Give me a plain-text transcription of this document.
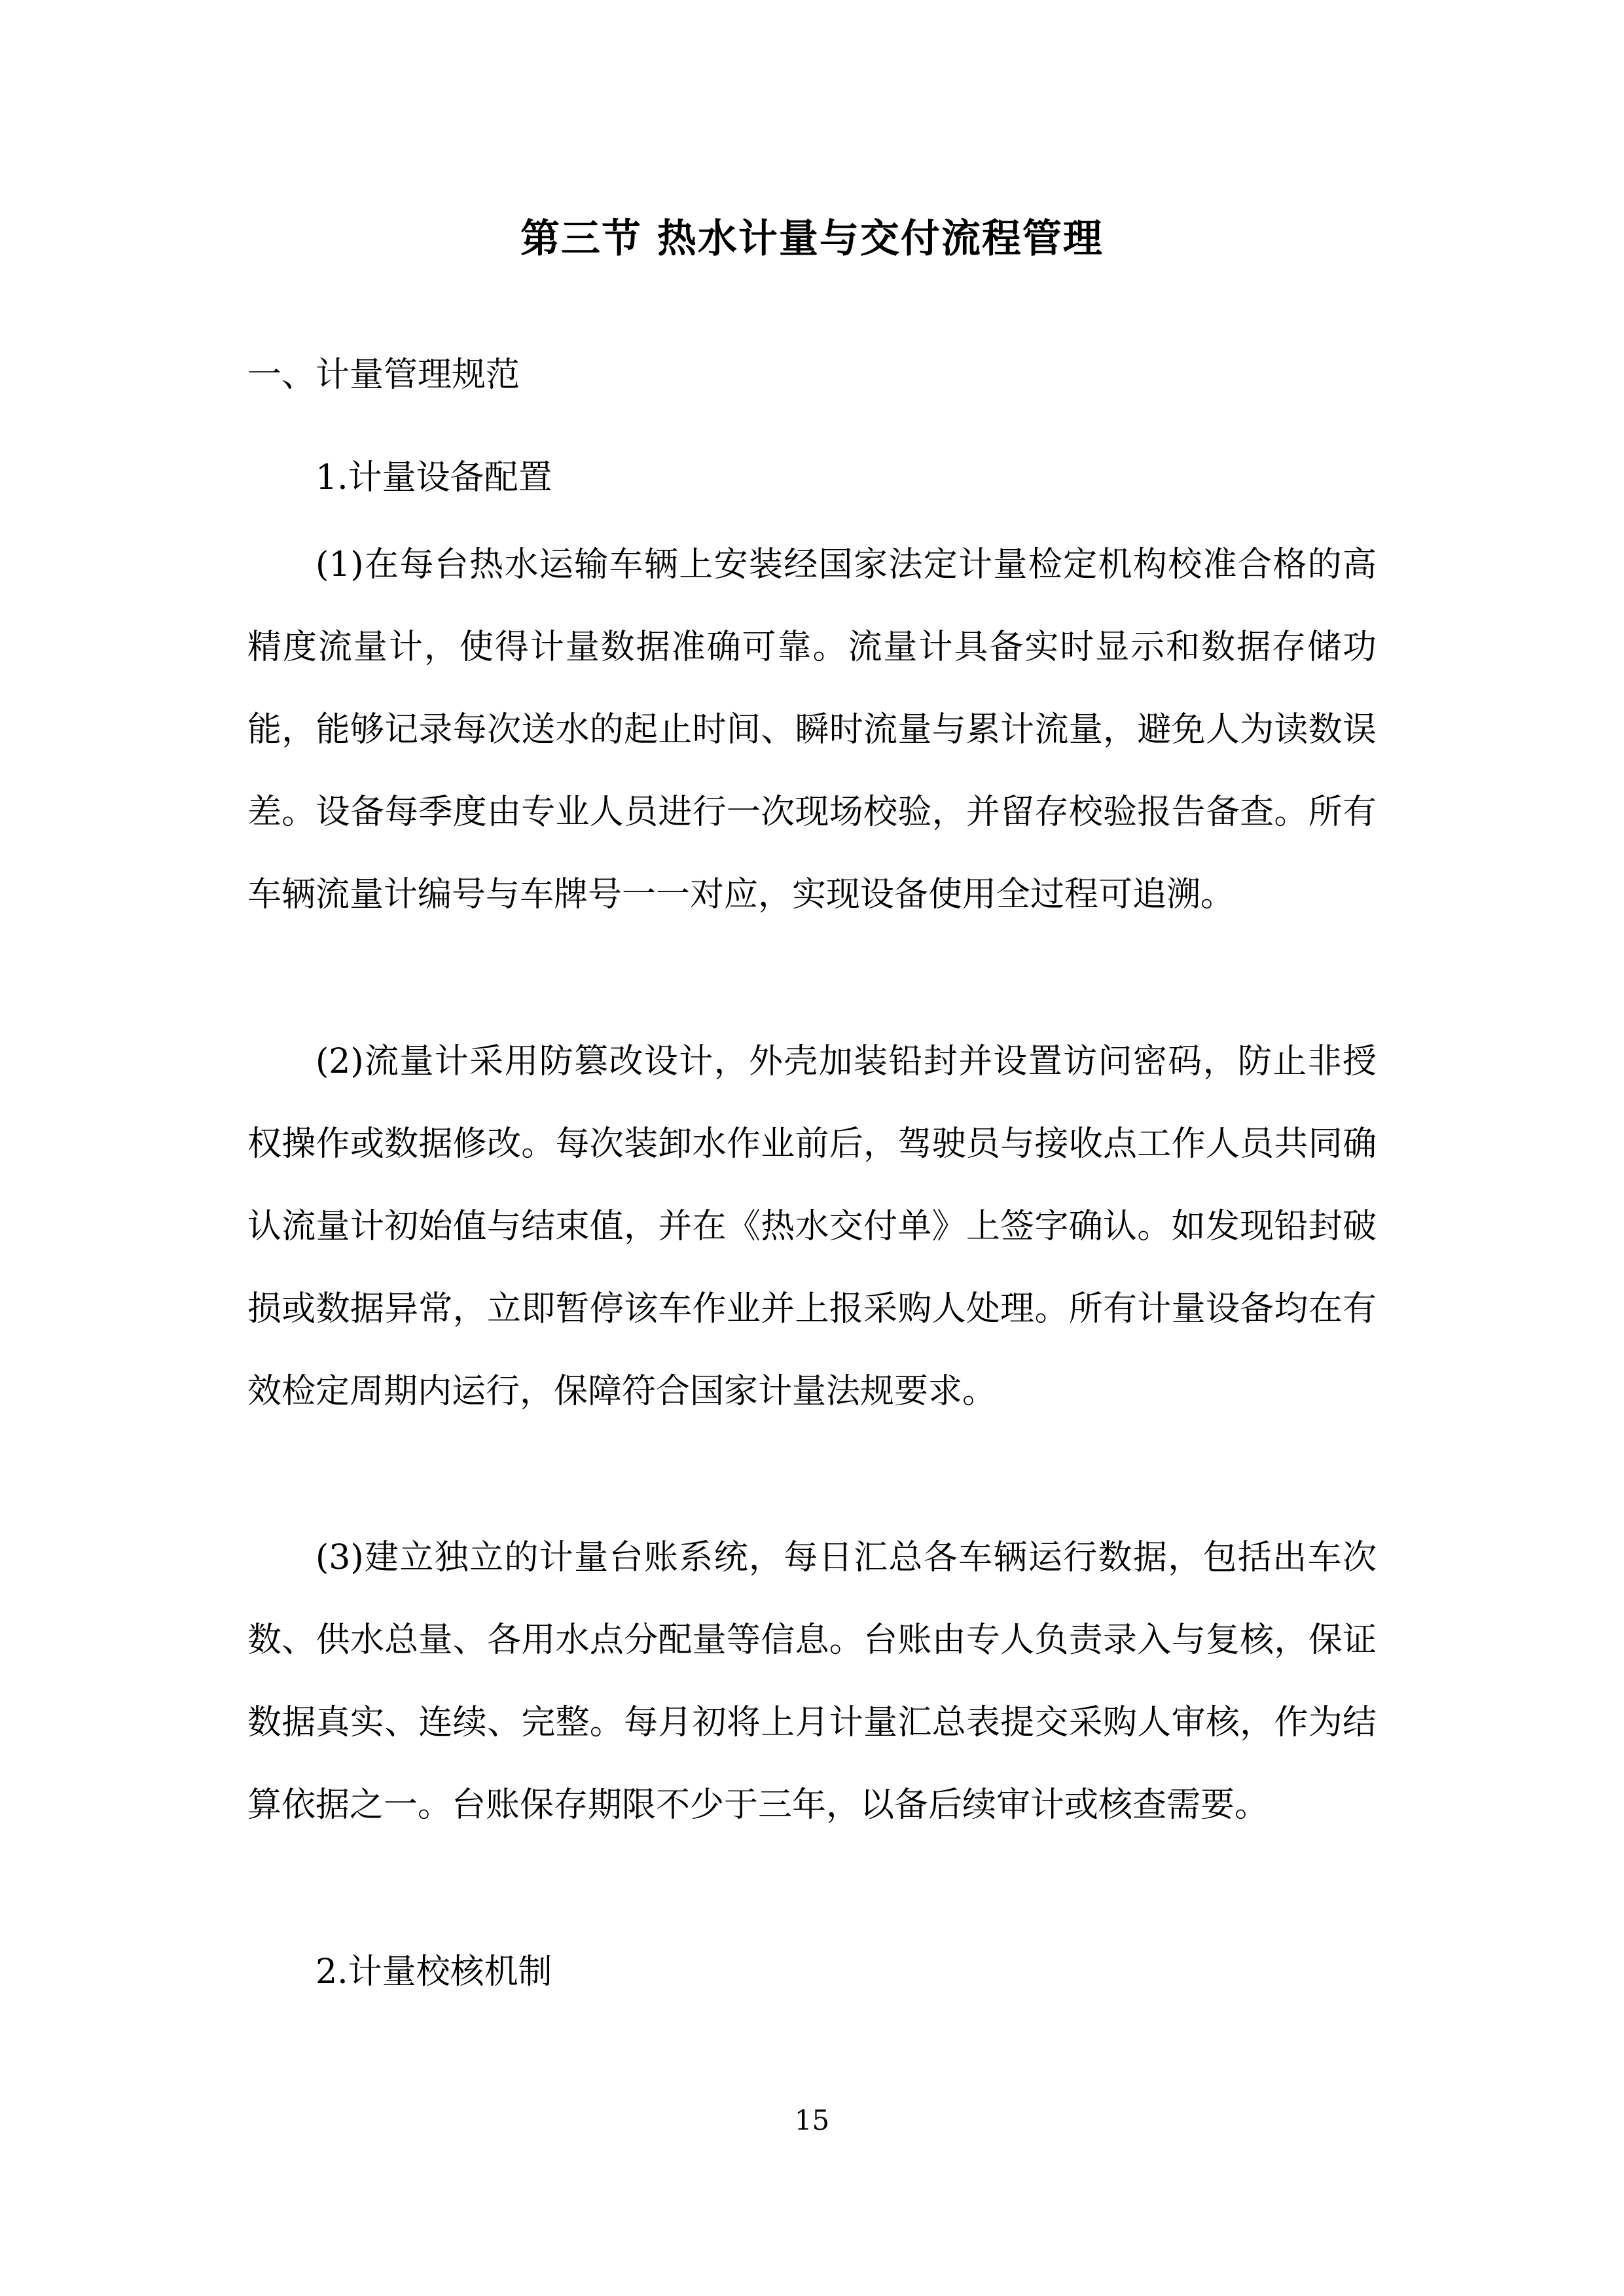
第三节 热水计量与交付流程管理
一、计量管理规范
1.计量设备配置
(1)在每台热水运输车辆上安装经国家法定计量检定机构校准合格的高精度流量计，使得计量数据准确可靠。流量计具备实时显示和数据存储功能，能够记录每次送水的起止时间、瞬时流量与累计流量，避免人为读数误差。设备每季度由专业人员进行一次现场校验，并留存校验报告备查。所有车辆流量计编号与车牌号一一对应，实现设备使用全过程可追溯。
(2)流量计采用防篡改设计，外壳加装铅封并设置访问密码，防止非授权操作或数据修改。每次装卸水作业前后，驾驶员与接收点工作人员共同确认流量计初始值与结束值，并在《热水交付单》上签字确认。如发现铅封破损或数据异常，立即暂停该车作业并上报采购人处理。所有计量设备均在有效检定周期内运行，保障符合国家计量法规要求。
(3)建立独立的计量台账系统，每日汇总各车辆运行数据，包括出车次数、供水总量、各用水点分配量等信息。台账由专人负责录入与复核，保证数据真实、连续、完整。每月初将上月计量汇总表提交采购人审核，作为结算依据之一。台账保存期限不少于三年，以备后续审计或核查需要。
2.计量校核机制
15
